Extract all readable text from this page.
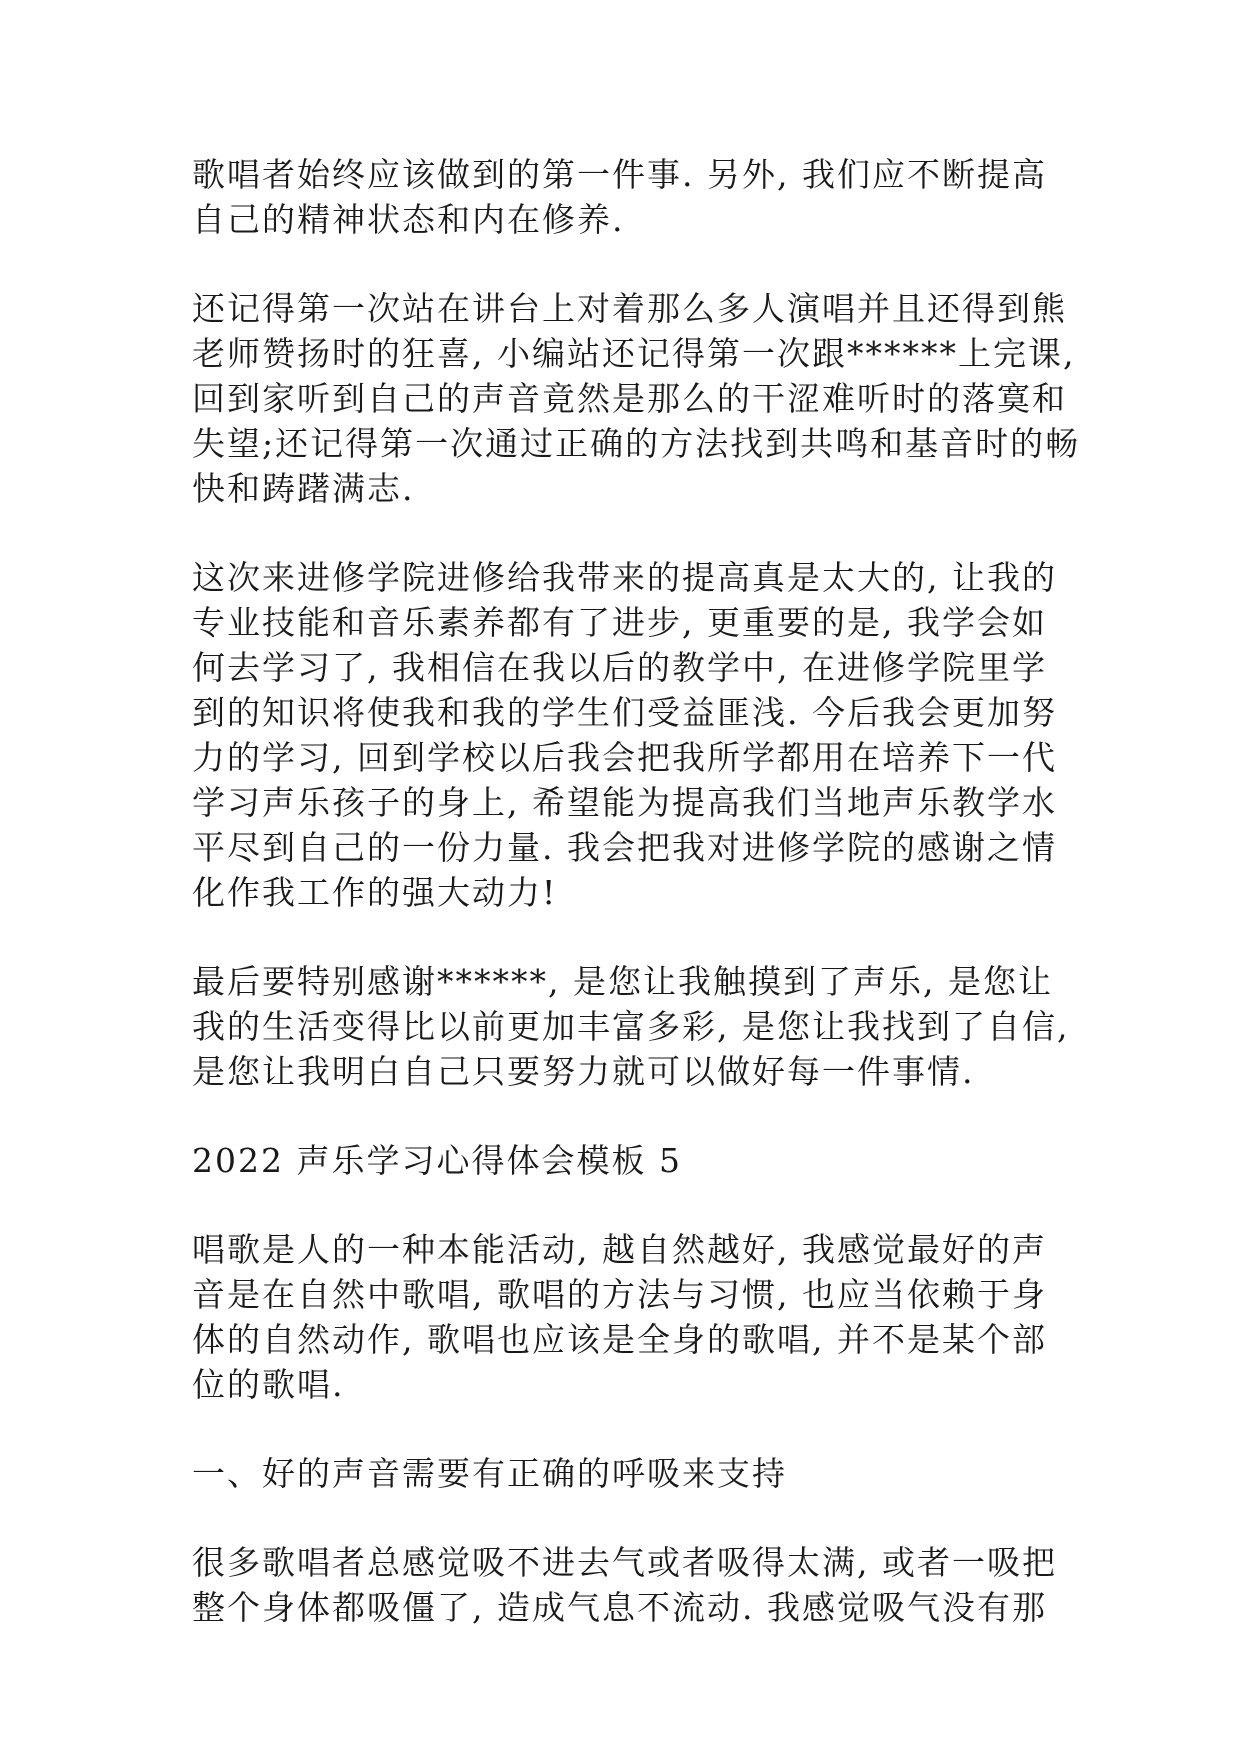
歌唱者始终应该做到的第一件事. 另外, 我们应不断提高
自己的精神状态和内在修养.
还记得第一次站在讲台上对着那么多人演唱并且还得到熊
老师赞扬时的狂喜, 小编站还记得第一次跟******上完课,
回到家听到自己的声音竟然是那么的干涩难听时的落寞和
失望;还记得第一次通过正确的方法找到共鸣和基音时的畅
快和踌躇满志.
这次来进修学院进修给我带来的提高真是太大的, 让我的
专业技能和音乐素养都有了进步, 更重要的是, 我学会如
何去学习了, 我相信在我以后的教学中, 在进修学院里学
到的知识将使我和我的学生们受益匪浅. 今后我会更加努
力的学习, 回到学校以后我会把我所学都用在培养下一代
学习声乐孩子的身上, 希望能为提高我们当地声乐教学水
平尽到自己的一份力量. 我会把我对进修学院的感谢之情
化作我工作的强大动力!
最后要特别感谢******, 是您让我触摸到了声乐, 是您让
我的生活变得比以前更加丰富多彩, 是您让我找到了自信,
是您让我明白自己只要努力就可以做好每一件事情.
2022 声乐学习心得体会模板 5
唱歌是人的一种本能活动, 越自然越好, 我感觉最好的声
音是在自然中歌唱, 歌唱的方法与习惯, 也应当依赖于身
体的自然动作, 歌唱也应该是全身的歌唱, 并不是某个部
位的歌唱.
一、好的声音需要有正确的呼吸来支持
很多歌唱者总感觉吸不进去气或者吸得太满, 或者一吸把
整个身体都吸僵了, 造成气息不流动. 我感觉吸气没有那
